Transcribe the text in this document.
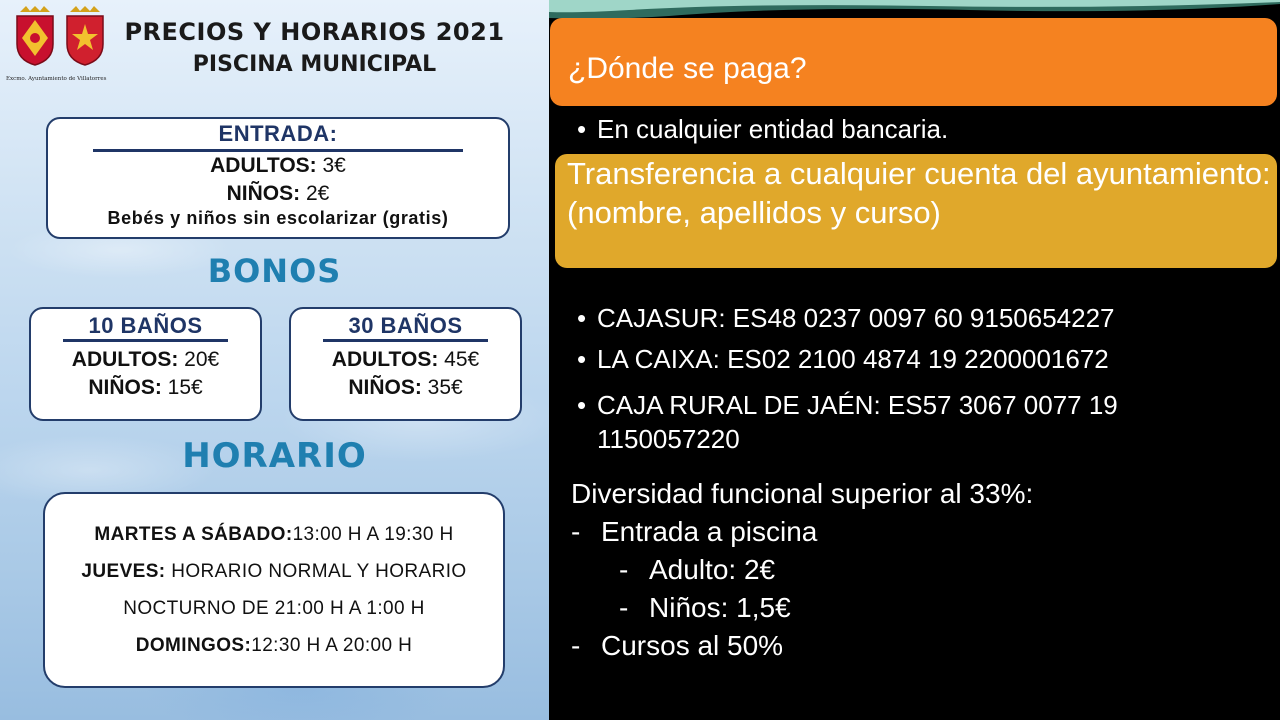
Excmo. Ayuntamiento de Villatorres
PRECIOS Y HORARIOS 2021
PISCINA MUNICIPAL
ENTRADA:
ADULTOS: 3€
NIÑOS: 2€
Bebés y niños sin escolarizar (gratis)
BONOS
10 BAÑOS
ADULTOS: 20€
NIÑOS: 15€
30 BAÑOS
ADULTOS: 45€
NIÑOS: 35€
HORARIO
MARTES A SÁBADO:13:00 H A 19:30 H
JUEVES: HORARIO NORMAL Y HORARIO
NOCTURNO DE 21:00 H A 1:00 H
DOMINGOS:12:30 H A 20:00 H
¿Dónde se paga?
• En cualquier entidad bancaria.
Transferencia a cualquier cuenta del ayuntamiento: (nombre, apellidos y curso)
• CAJASUR: ES48 0237 0097 60 9150654227
• LA CAIXA: ES02 2100 4874 19 2200001672
• CAJA RURAL DE JAÉN: ES57 3067 0077 19
1150057220
Diversidad funcional superior al 33%:
- Entrada a piscina
- Adulto: 2€
- Niños: 1,5€
- Cursos al 50%
